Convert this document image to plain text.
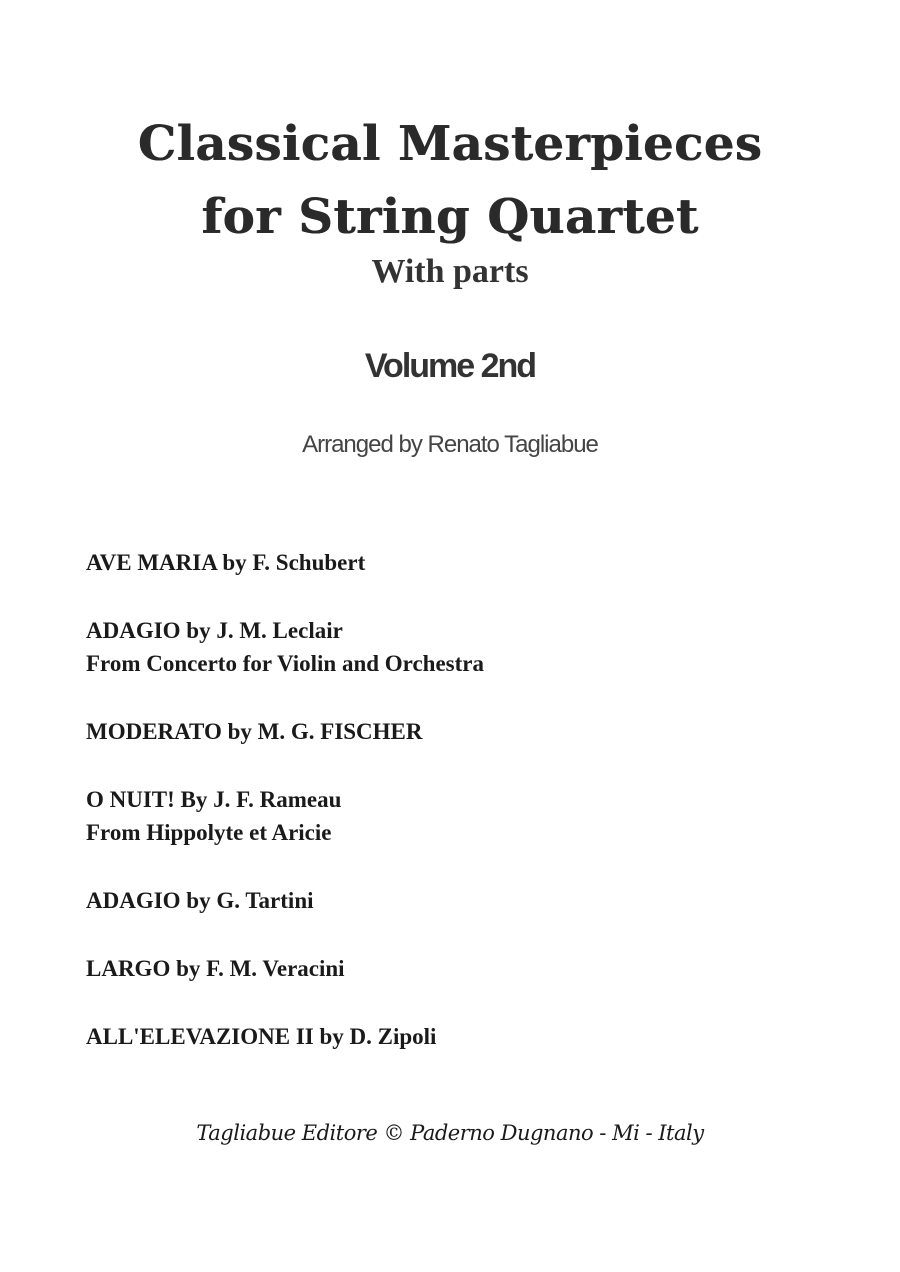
Classical Masterpieces
for String Quartet
With parts
Volume 2nd
Arranged by Renato Tagliabue
AVE MARIA by F. Schubert
ADAGIO by J. M. Leclair
From Concerto for Violin and Orchestra
MODERATO by M. G. FISCHER
O NUIT! By J. F. Rameau
From Hippolyte et Aricie
ADAGIO by G. Tartini
LARGO by F. M. Veracini
ALL'ELEVAZIONE II by D. Zipoli
Tagliabue Editore © Paderno Dugnano - Mi - Italy
